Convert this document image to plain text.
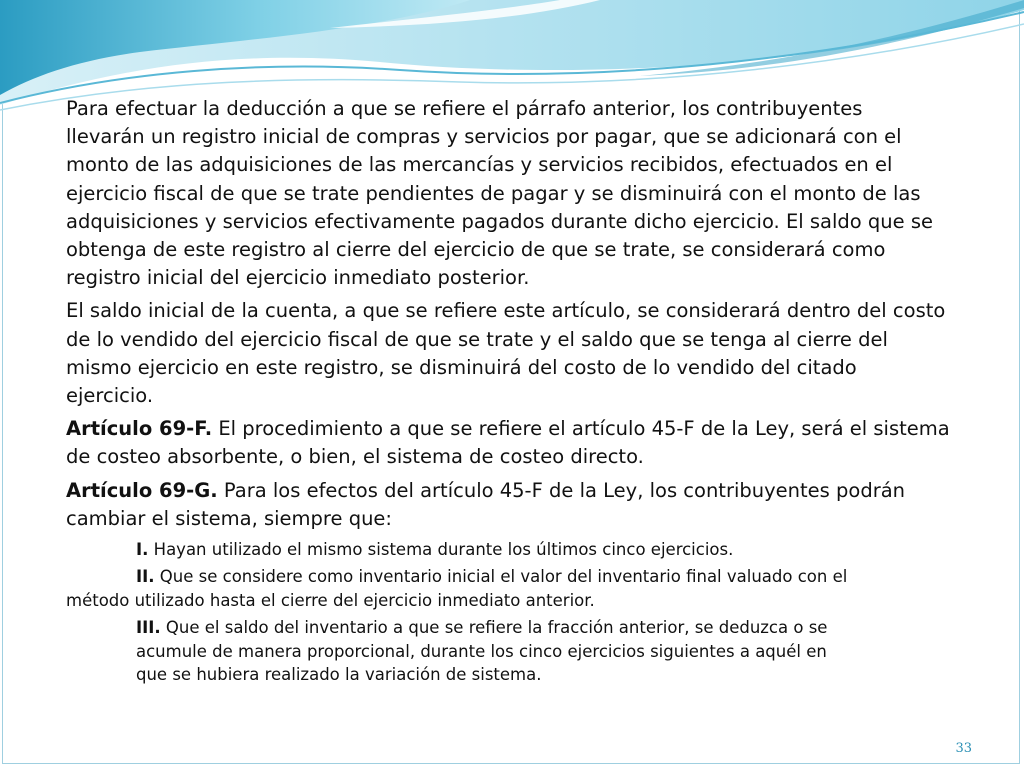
Para efectuar la deducción a que se refiere el párrafo anterior, los contribuyentes
llevarán un registro inicial de compras y servicios por pagar, que se adicionará con el
monto de las adquisiciones de las mercancías y servicios recibidos, efectuados en el
ejercicio fiscal de que se trate pendientes de pagar y se disminuirá con el monto de las
adquisiciones y servicios efectivamente pagados durante dicho ejercicio. El saldo que se
obtenga de este registro al cierre del ejercicio de que se trate, se considerará como
registro inicial del ejercicio inmediato posterior.

El saldo inicial de la cuenta, a que se refiere este artículo, se considerará dentro del costo
de lo vendido del ejercicio fiscal de que se trate y el saldo que se tenga al cierre del
mismo ejercicio en este registro, se disminuirá del costo de lo vendido del citado
ejercicio.

Artículo 69-F. El procedimiento a que se refiere el artículo 45-F de la Ley, será el sistema
de costeo absorbente, o bien, el sistema de costeo directo.

Artículo 69-G. Para los efectos del artículo 45-F de la Ley, los contribuyentes podrán
cambiar el sistema, siempre que:

I. Hayan utilizado el mismo sistema durante los últimos cinco ejercicios.
II. Que se considere como inventario inicial el valor del inventario final valuado con el
método utilizado hasta el cierre del ejercicio inmediato anterior.
III. Que el saldo del inventario a que se refiere la fracción anterior, se deduzca o se
acumule de manera proporcional, durante los cinco ejercicios siguientes a aquél en
que se hubiera realizado la variación de sistema.
33
